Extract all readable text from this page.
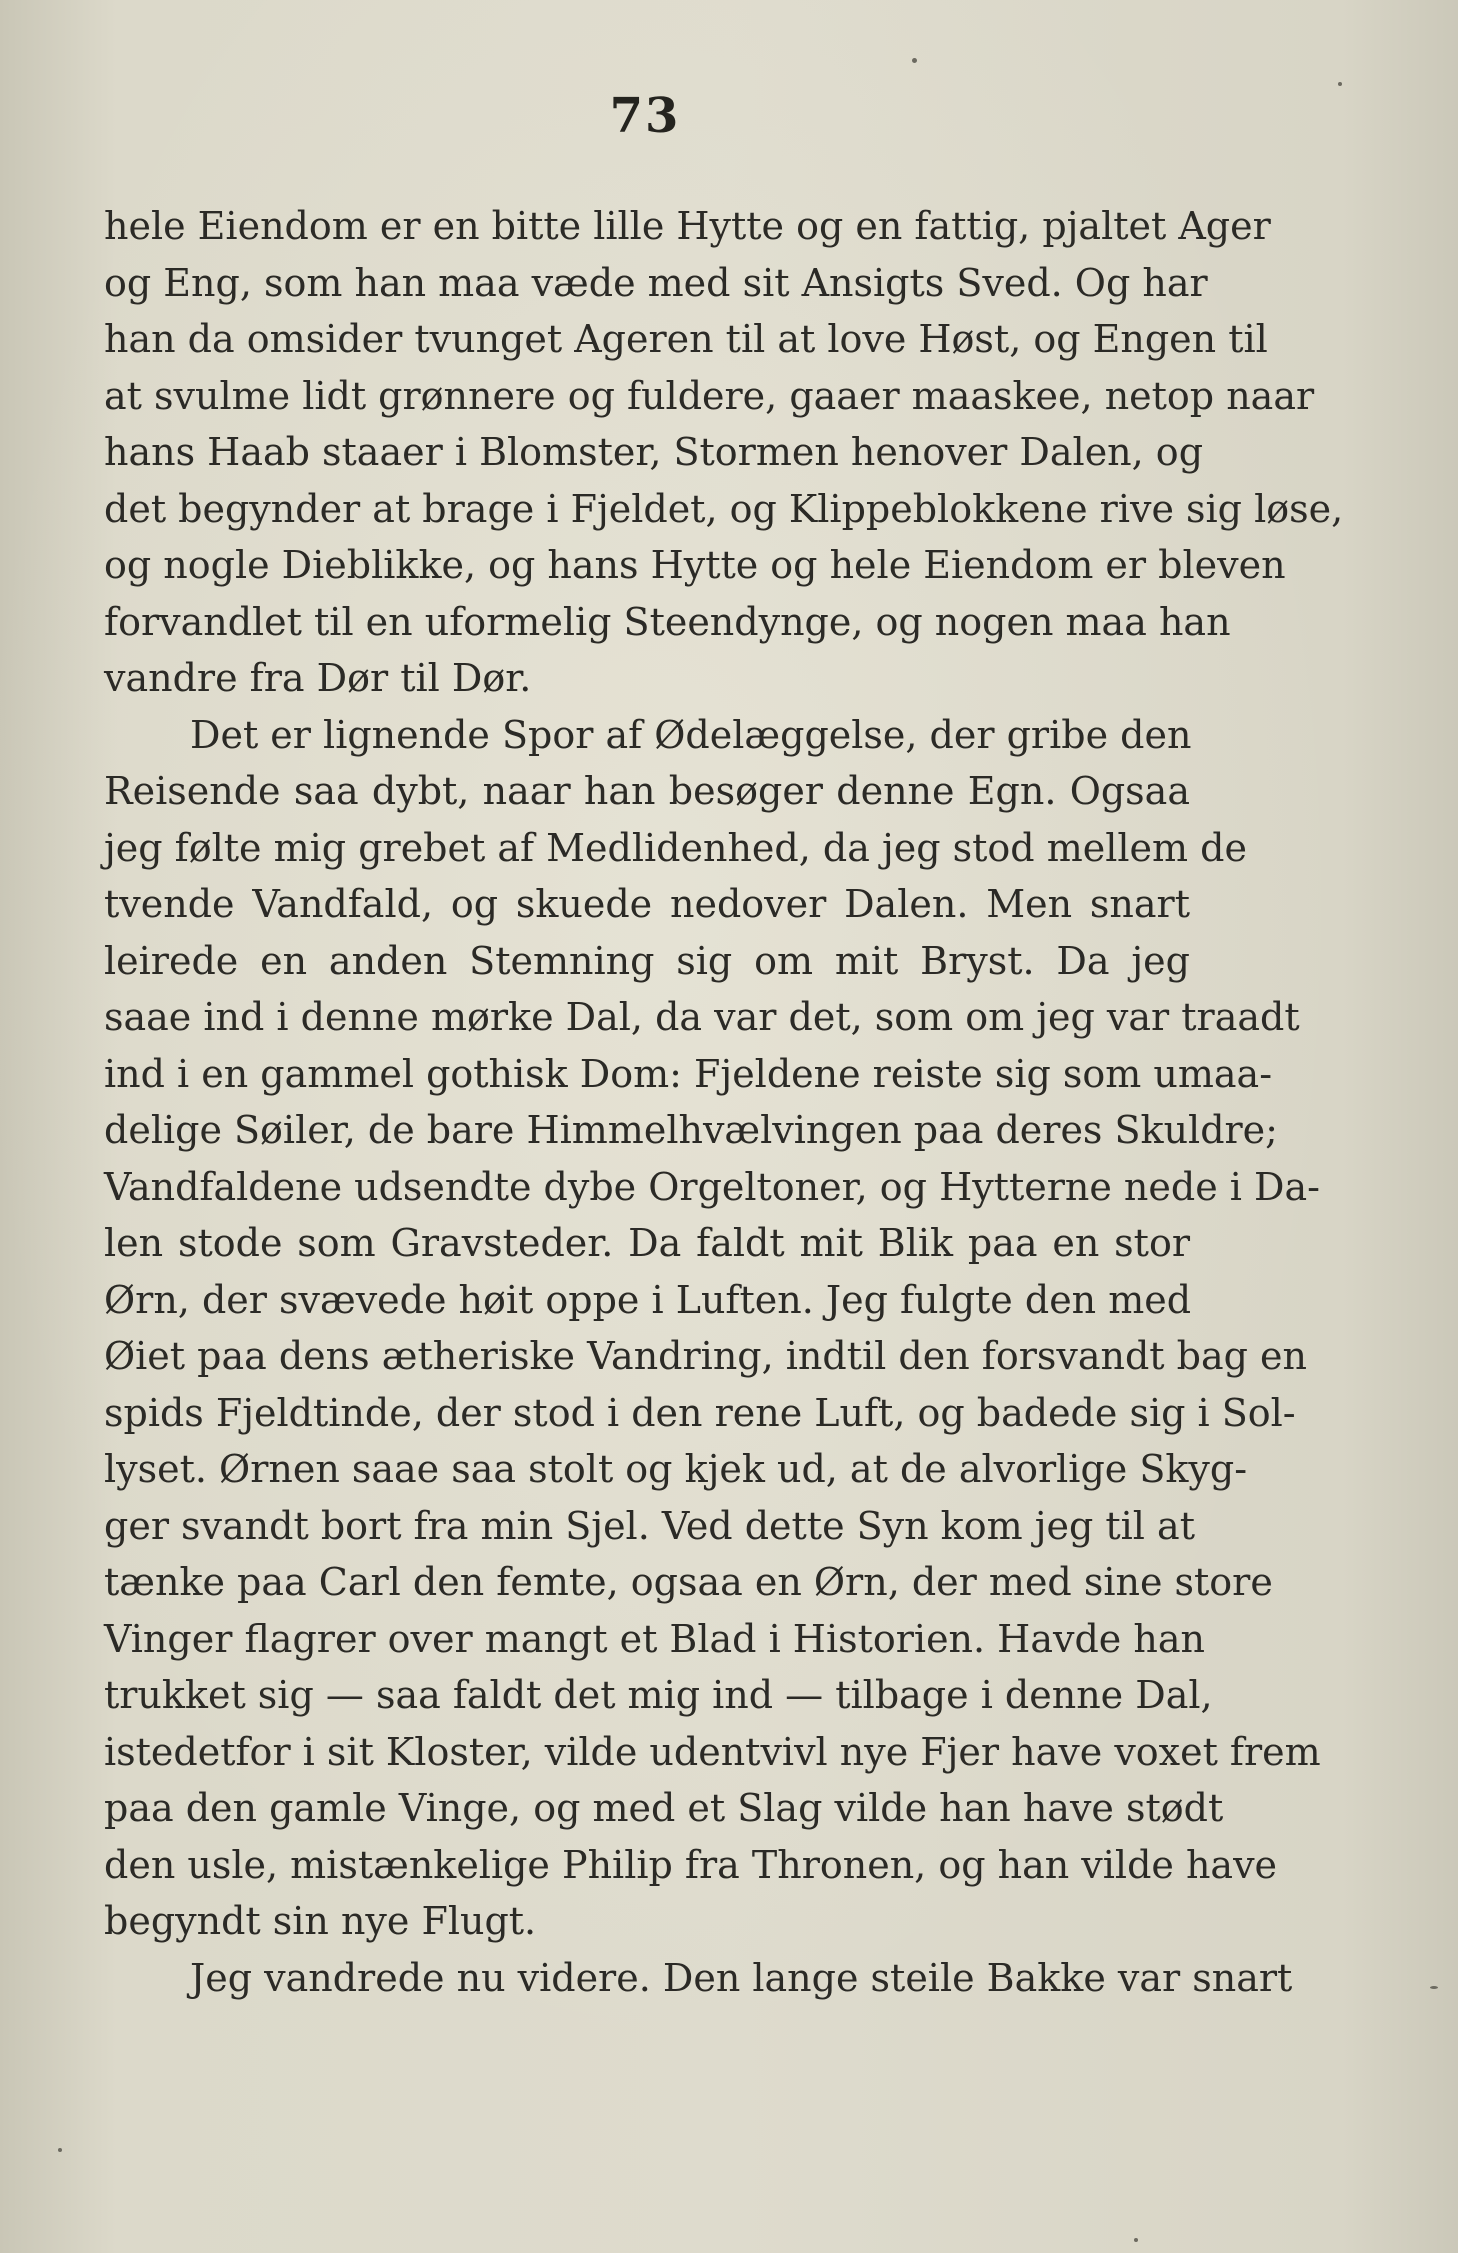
73
hele Eiendom er en bitte lille Hytte og en fattig, pjaltet Ager
og Eng, som han maa væde med sit Ansigts Sved. Og har
han da omsider tvunget Ageren til at love Høst, og Engen til
at svulme lidt grønnere og fuldere, gaaer maaskee, netop naar
hans Haab staaer i Blomster, Stormen henover Dalen, og
det begynder at brage i Fjeldet, og Klippeblokkene rive sig løse,
og nogle Dieblikke, og hans Hytte og hele Eiendom er bleven
forvandlet til en uformelig Steendynge, og nogen maa han
vandre fra Dør til Dør.
Det er lignende Spor af Ødelæggelse, der gribe den
Reisende saa dybt, naar han besøger denne Egn. Ogsaa
jeg følte mig grebet af Medlidenhed, da jeg stod mellem de
tvende Vandfald, og skuede nedover Dalen. Men snart
leirede en anden Stemning sig om mit Bryst. Da jeg
saae ind i denne mørke Dal, da var det, som om jeg var traadt
ind i en gammel gothisk Dom: Fjeldene reiste sig som umaa-
delige Søiler, de bare Himmelhvælvingen paa deres Skuldre;
Vandfaldene udsendte dybe Orgeltoner, og Hytterne nede i Da-
len stode som Gravsteder. Da faldt mit Blik paa en stor
Ørn, der svævede høit oppe i Luften. Jeg fulgte den med
Øiet paa dens ætheriske Vandring, indtil den forsvandt bag en
spids Fjeldtinde, der stod i den rene Luft, og badede sig i Sol-
lyset. Ørnen saae saa stolt og kjek ud, at de alvorlige Skyg-
ger svandt bort fra min Sjel. Ved dette Syn kom jeg til at
tænke paa Carl den femte, ogsaa en Ørn, der med sine store
Vinger flagrer over mangt et Blad i Historien. Havde han
trukket sig — saa faldt det mig ind — tilbage i denne Dal,
istedetfor i sit Kloster, vilde udentvivl nye Fjer have voxet frem
paa den gamle Vinge, og med et Slag vilde han have stødt
den usle, mistænkelige Philip fra Thronen, og han vilde have
begyndt sin nye Flugt.
Jeg vandrede nu videre. Den lange steile Bakke var snart
